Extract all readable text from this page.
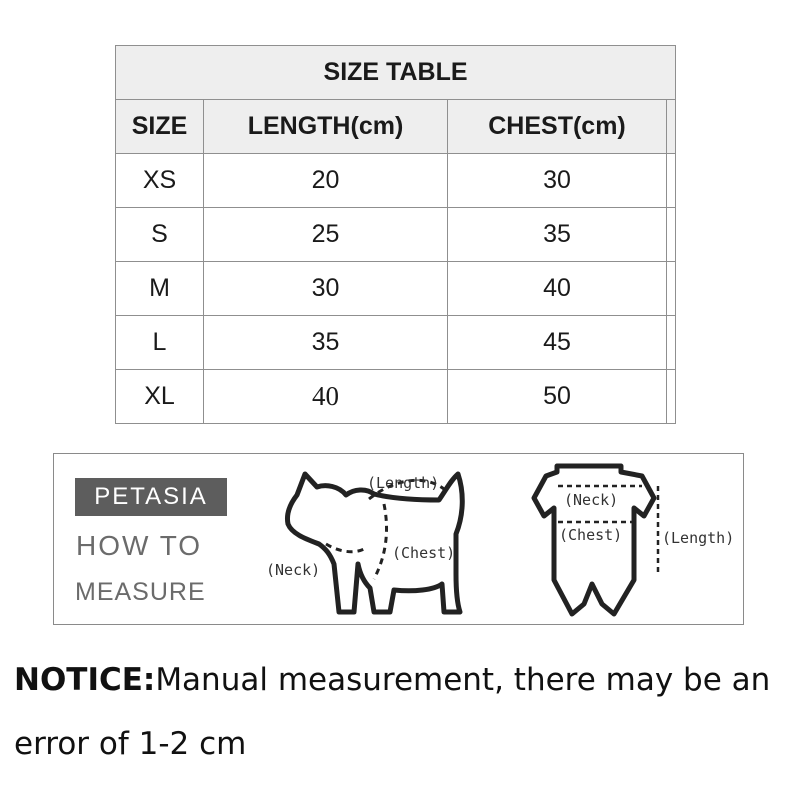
SIZE TABLE			
SIZE	LENGTH(cm)	CHEST(cm)	
XS	20	30	
S	25	35	
M	30	40	
L	35	45	
XL	40	50	
PETASIA
HOW TO
MEASURE
(Length)
(Chest)
(Neck)
(Neck)
(Chest)	(Length)
NOTICE:Manual measurement, there may be an error of 1-2 cm
